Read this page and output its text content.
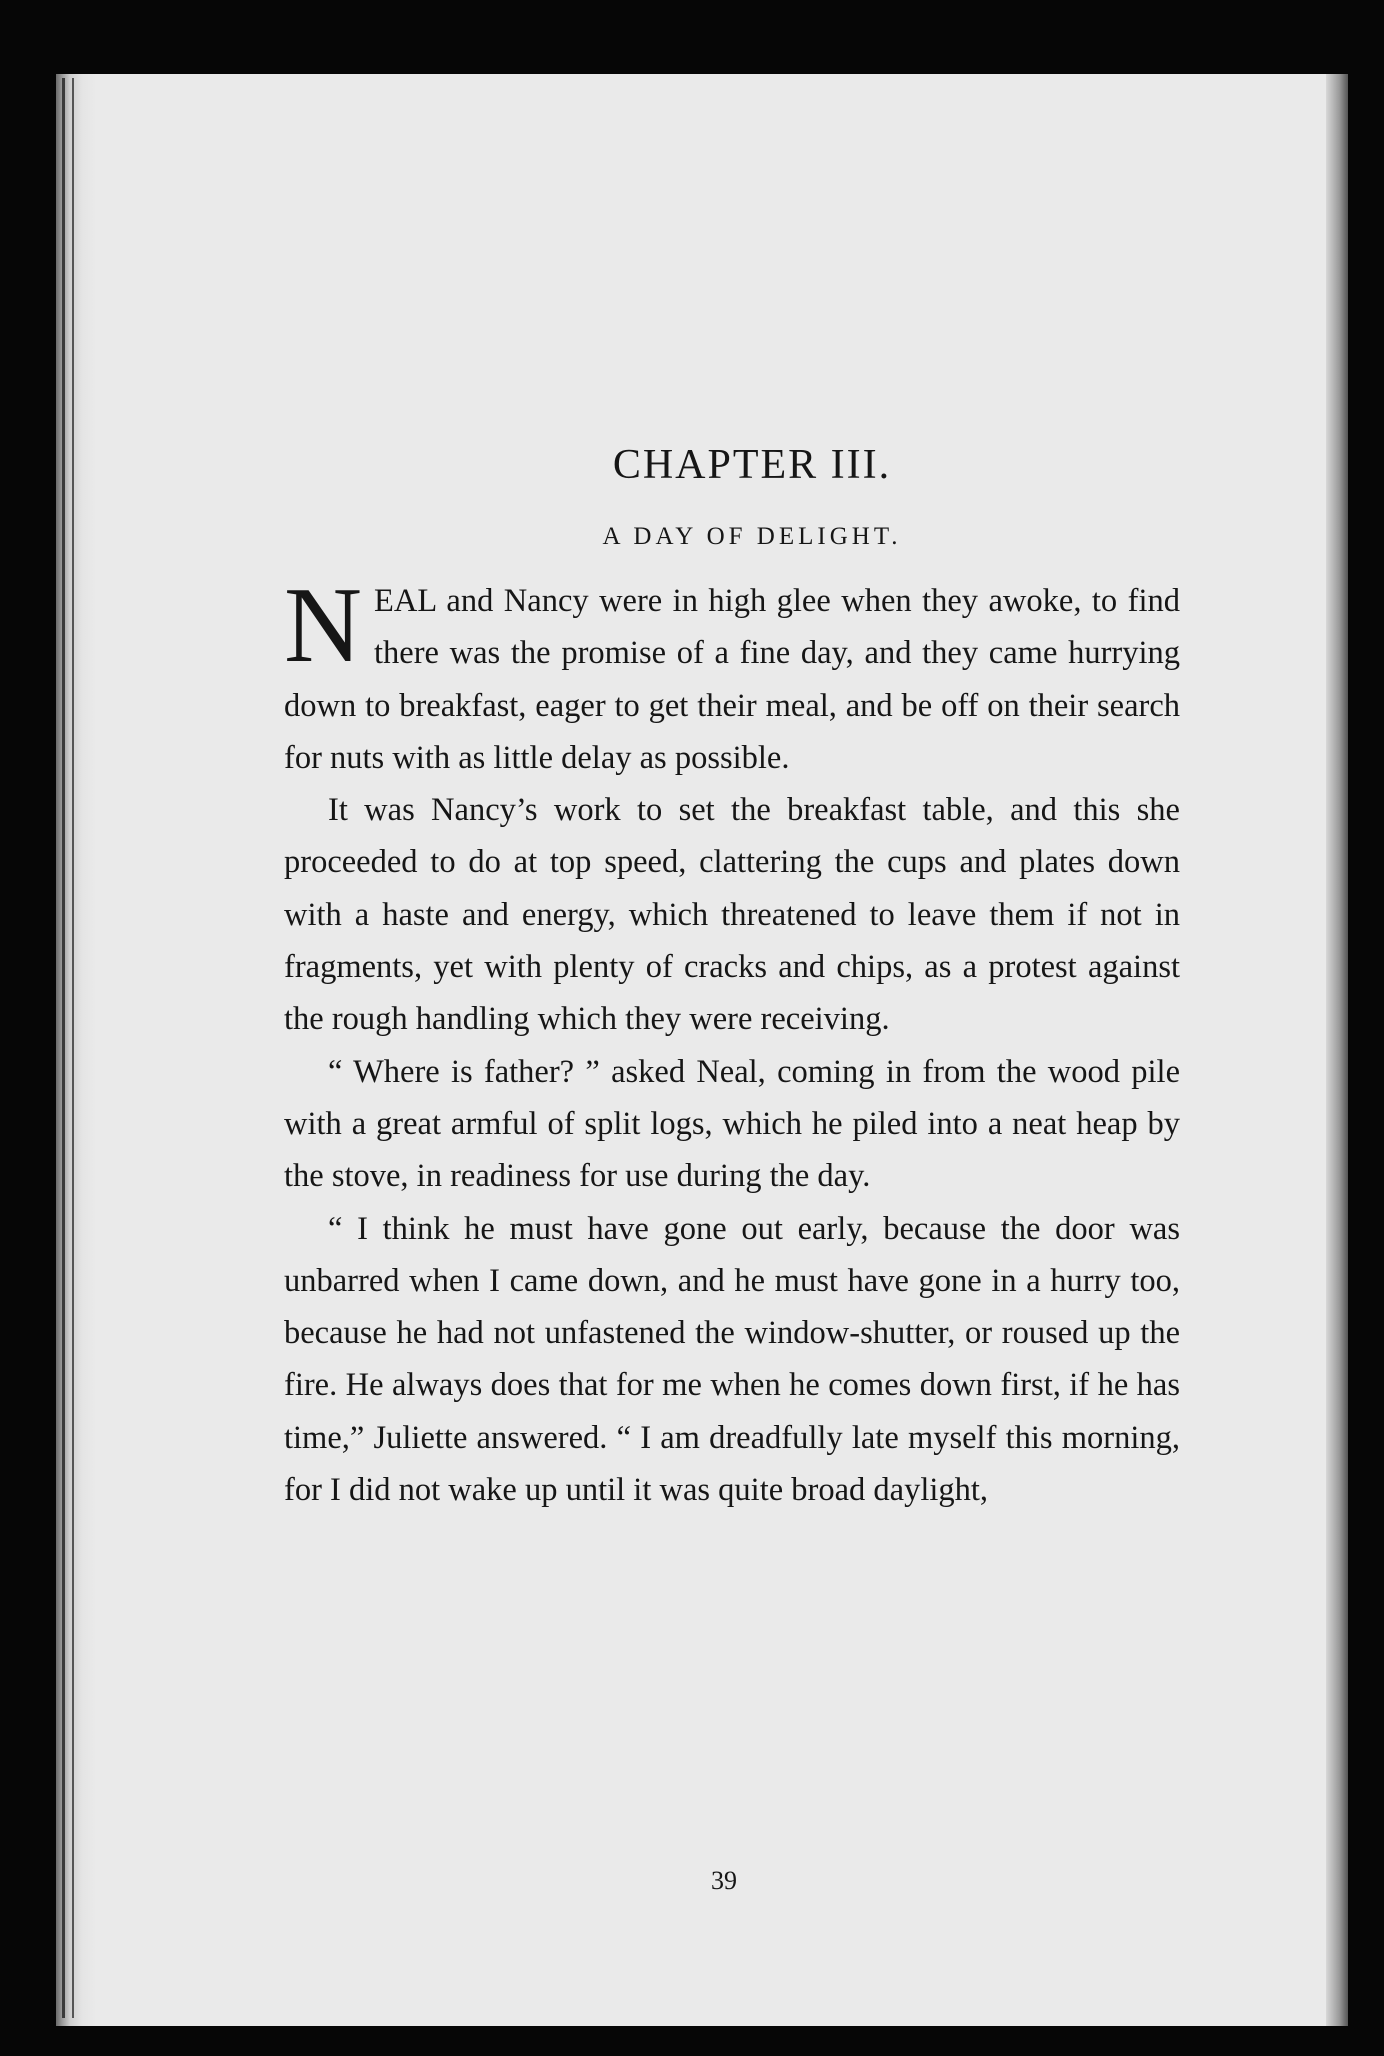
CHAPTER III.
A DAY OF DELIGHT.

NEAL and Nancy were in high glee when they awoke, to find there was the promise of a fine day, and they came hurrying down to breakfast, eager to get their meal, and be off on their search for nuts with as little delay as possible.

It was Nancy’s work to set the breakfast table, and this she proceeded to do at top speed, clattering the cups and plates down with a haste and energy, which threatened to leave them if not in fragments, yet with plenty of cracks and chips, as a protest against the rough handling which they were receiving.

“ Where is father? ” asked Neal, coming in from the wood pile with a great armful of split logs, which he piled into a neat heap by the stove, in readiness for use during the day.

“ I think he must have gone out early, because the door was unbarred when I came down, and he must have gone in a hurry too, because he had not unfastened the window-shutter, or roused up the fire. He always does that for me when he comes down first, if he has time,” Juliette answered. “ I am dreadfully late myself this morning, for I did not wake up until it was quite broad daylight,

39
